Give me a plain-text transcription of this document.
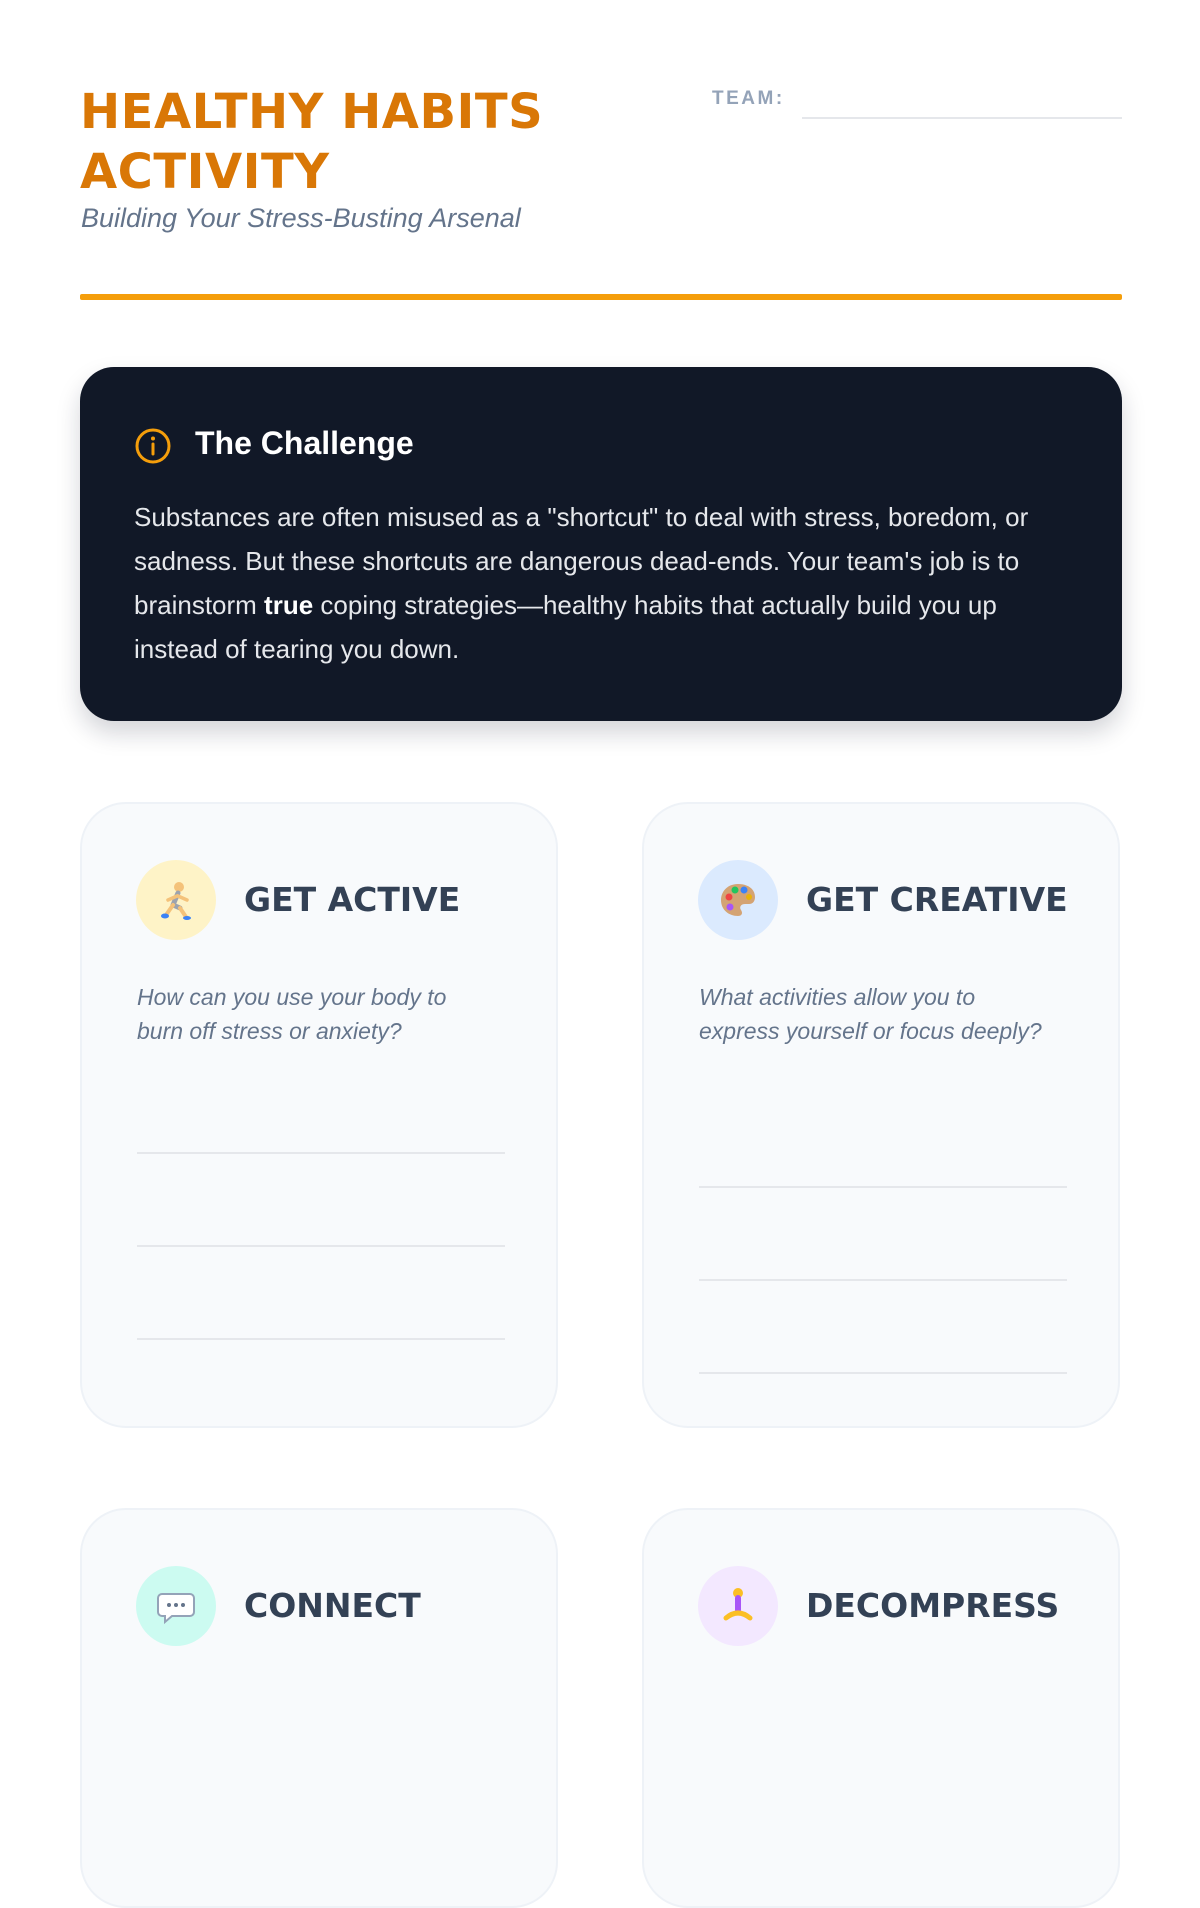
HEALTHY HABITS ACTIVITY
Building Your Stress-Busting Arsenal
TEAM:
The Challenge

Substances are often misused as a "shortcut" to deal with stress, boredom, or sadness. But these shortcuts are dangerous dead-ends. Your team's job is to brainstorm true coping strategies—healthy habits that actually build you up instead of tearing you down.

GET ACTIVE

How can you use your body to burn off stress or anxiety?

GET CREATIVE

What activities allow you to express yourself or focus deeply?

CONNECT	DECOMPRESS
